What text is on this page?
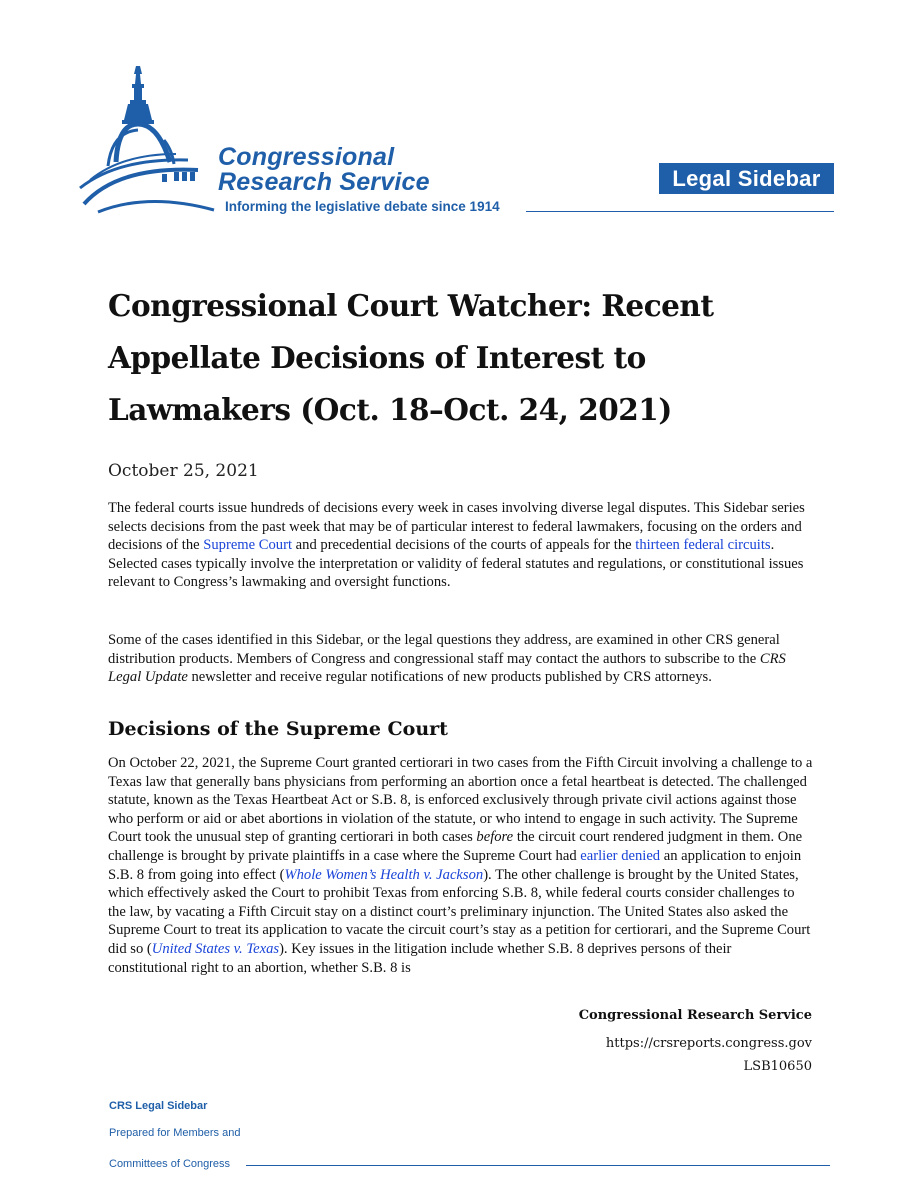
Congressional
Research Service
Informing the legislative debate since 1914
Legal Sidebar
Congressional Court Watcher: Recent Appellate Decisions of Interest to Lawmakers (Oct. 18–Oct. 24, 2021)
October 25, 2021

The federal courts issue hundreds of decisions every week in cases involving diverse legal disputes. This Sidebar series selects decisions from the past week that may be of particular interest to federal lawmakers, focusing on the orders and decisions of the Supreme Court and precedential decisions of the courts of appeals for the thirteen federal circuits. Selected cases typically involve the interpretation or validity of federal statutes and regulations, or constitutional issues relevant to Congress’s lawmaking and oversight functions.

Some of the cases identified in this Sidebar, or the legal questions they address, are examined in other CRS general distribution products. Members of Congress and congressional staff may contact the authors to subscribe to the CRS Legal Update newsletter and receive regular notifications of new products published by CRS attorneys.

Decisions of the Supreme Court

On October 22, 2021, the Supreme Court granted certiorari in two cases from the Fifth Circuit involving a challenge to a Texas law that generally bans physicians from performing an abortion once a fetal heartbeat is detected. The challenged statute, known as the Texas Heartbeat Act or S.B. 8, is enforced exclusively through private civil actions against those who perform or aid or abet abortions in violation of the statute, or who intend to engage in such activity. The Supreme Court took the unusual step of granting certiorari in both cases before the circuit court rendered judgment in them. One challenge is brought by private plaintiffs in a case where the Supreme Court had earlier denied an application to enjoin S.B. 8 from going into effect (Whole Women’s Health v. Jackson). The other challenge is brought by the United States, which effectively asked the Court to prohibit Texas from enforcing S.B. 8, while federal courts consider challenges to the law, by vacating a Fifth Circuit stay on a distinct court’s preliminary injunction. The United States also asked the Supreme Court to treat its application to vacate the circuit court’s stay as a petition for certiorari, and the Supreme Court did so (United States v. Texas). Key issues in the litigation include whether S.B. 8 deprives persons of their constitutional right to an abortion, whether S.B. 8 is

Congressional Research Service
https://crsreports.congress.gov
LSB10650
CRS Legal Sidebar
Prepared for Members and
Committees of Congress
